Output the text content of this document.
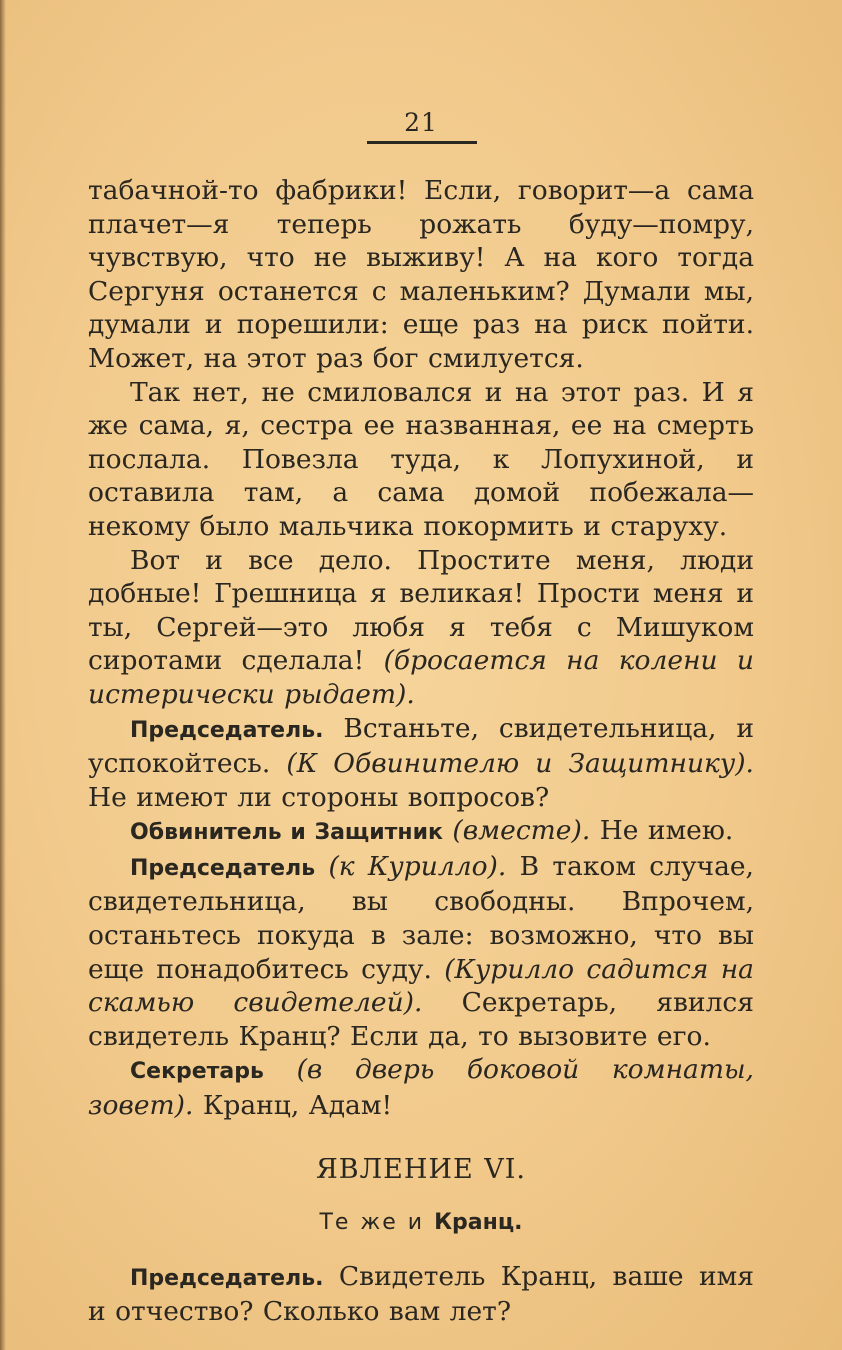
21

табачной-то фабрики! Если, говорит—а сама плачет—я теперь рожать буду—помру, чувствую, что не выживу! А на кого тогда Сергуня останется с маленьким? Думали мы, думали и порешили: еще раз на риск пойти. Может, на этот раз бог смилуется.

Так нет, не смиловался и на этот раз. И я же сама, я, сестра ее названная, ее на смерть послала. Повезла туда, к Лопухиной, и оставила там, а сама домой побежала—некому было мальчика покормить и старуху.

Вот и все дело. Простите меня, люди добные! Грешница я великая! Прости меня и ты, Сергей—это любя я тебя с Мишуком сиротами сделала! (бросается на колени и истерически рыдает).

Председатель. Встаньте, свидетельница, и успокойтесь. (К Обвинителю и Защитнику). Не имеют ли стороны вопросов?

Обвинитель и Защитник (вместе). Не имею.

Председатель (к Курилло). В таком случае, свидетельница, вы свободны. Впрочем, останьтесь покуда в зале: возможно, что вы еще понадобитесь суду. (Курилло садится на скамью свидетелей). Секретарь, явился свидетель Кранц? Если да, то вызовите его.

Секретарь (в дверь боковой комнаты, зовет). Кранц, Адам!

ЯВЛЕНИЕ VI.

Те же и Кранц.

Председатель. Свидетель Кранц, ваше имя и отчество? Сколько вам лет?
